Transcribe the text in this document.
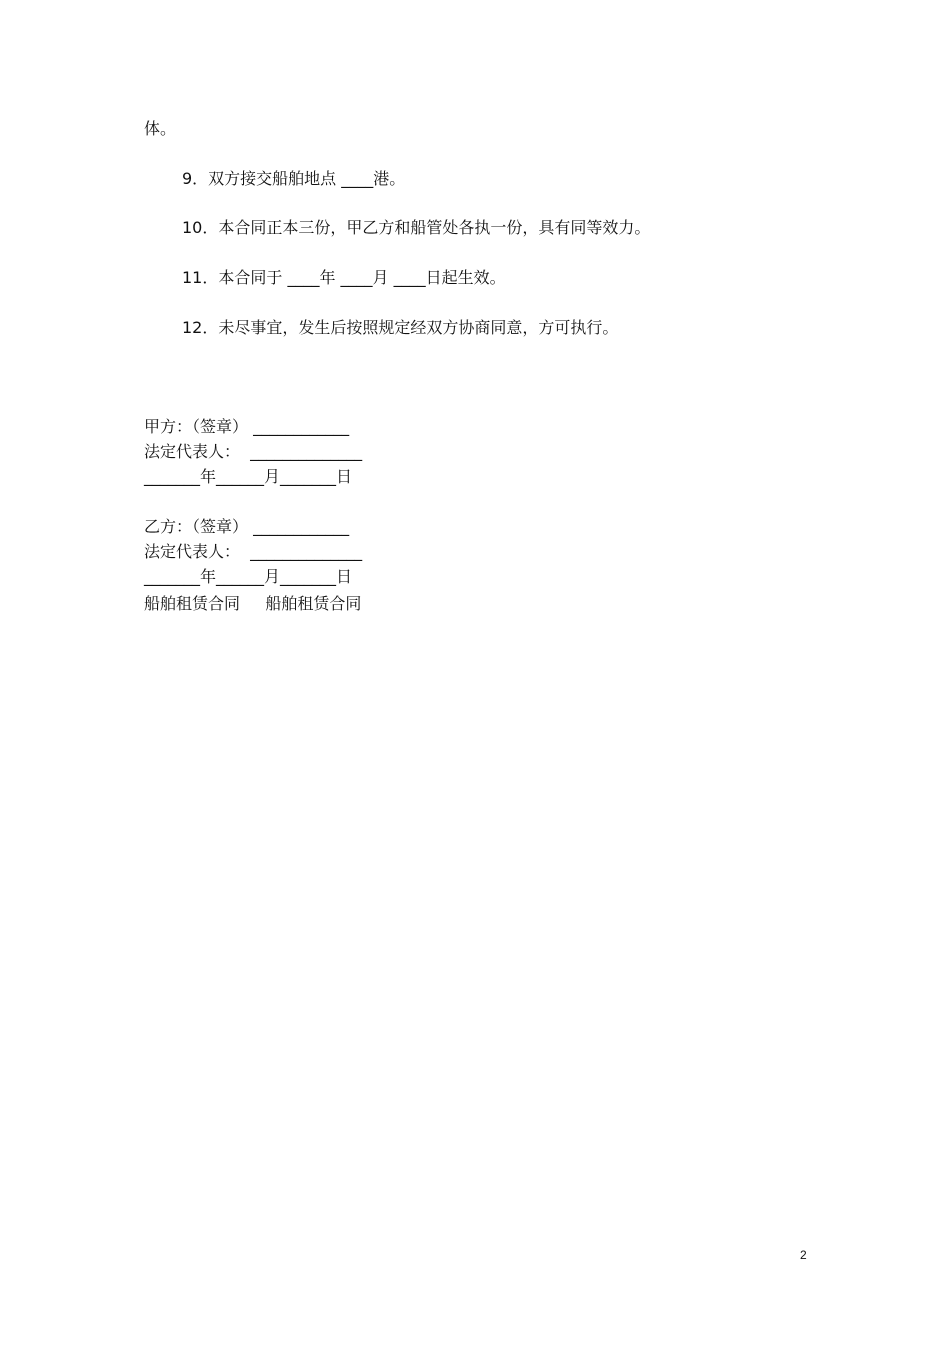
体。
9．双方接交船舶地点 ____港。
10．本合同正本三份，甲乙方和船管处各执一份，具有同等效力。
11．本合同于 ____年 ____月 ____日起生效。
12．未尽事宜，发生后按照规定经双方协商同意，方可执行。
甲方：（签章） ____________
法定代表人：  ______________
_______年______月_______日
乙方：（签章） ____________
法定代表人：  ______________
_______年______月_______日
船舶租赁合同     船舶租赁合同
2
